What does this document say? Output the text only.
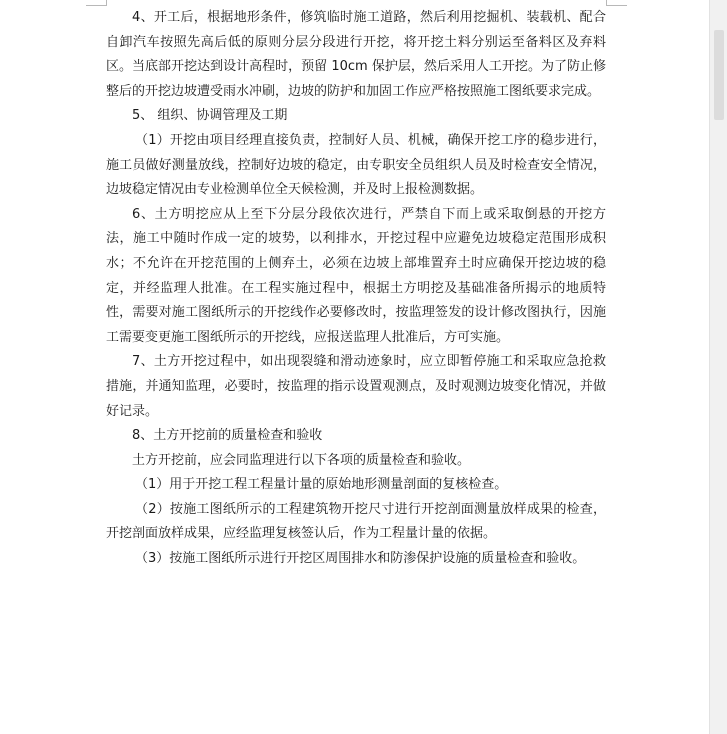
4、开工后，根据地形条件，修筑临时施工道路，然后利用挖掘机、装载机、配合自卸汽车按照先高后低的原则分层分段进行开挖，将开挖土料分别运至备料区及弃料区。当底部开挖达到设计高程时，预留 10cm 保护层，然后采用人工开挖。为了防止修整后的开挖边坡遭受雨水冲刷，边坡的防护和加固工作应严格按照施工图纸要求完成。

5、 组织、协调管理及工期

（1）开挖由项目经理直接负责，控制好人员、机械，确保开挖工序的稳步进行，施工员做好测量放线，控制好边坡的稳定，由专职安全员组织人员及时检查安全情况，边坡稳定情况由专业检测单位全天候检测，并及时上报检测数据。

6、土方明挖应从上至下分层分段依次进行，严禁自下而上或采取倒悬的开挖方法，施工中随时作成一定的坡势，以利排水，开挖过程中应避免边坡稳定范围形成积水；不允许在开挖范围的上侧弃土，必须在边坡上部堆置弃土时应确保开挖边坡的稳定，并经监理人批准。在工程实施过程中，根据土方明挖及基础准备所揭示的地质特性，需要对施工图纸所示的开挖线作必要修改时，按监理签发的设计修改图执行，因施工需要变更施工图纸所示的开挖线，应报送监理人批准后，方可实施。

7、土方开挖过程中，如出现裂缝和滑动迹象时，应立即暂停施工和采取应急抢救措施，并通知监理，必要时，按监理的指示设置观测点，及时观测边坡变化情况，并做好记录。

8、土方开挖前的质量检查和验收

土方开挖前，应会同监理进行以下各项的质量检查和验收。

（1）用于开挖工程工程量计量的原始地形测量剖面的复核检查。

（2）按施工图纸所示的工程建筑物开挖尺寸进行开挖剖面测量放样成果的检查，开挖剖面放样成果，应经监理复核签认后，作为工程量计量的依据。

（3）按施工图纸所示进行开挖区周围排水和防渗保护设施的质量检查和验收。
